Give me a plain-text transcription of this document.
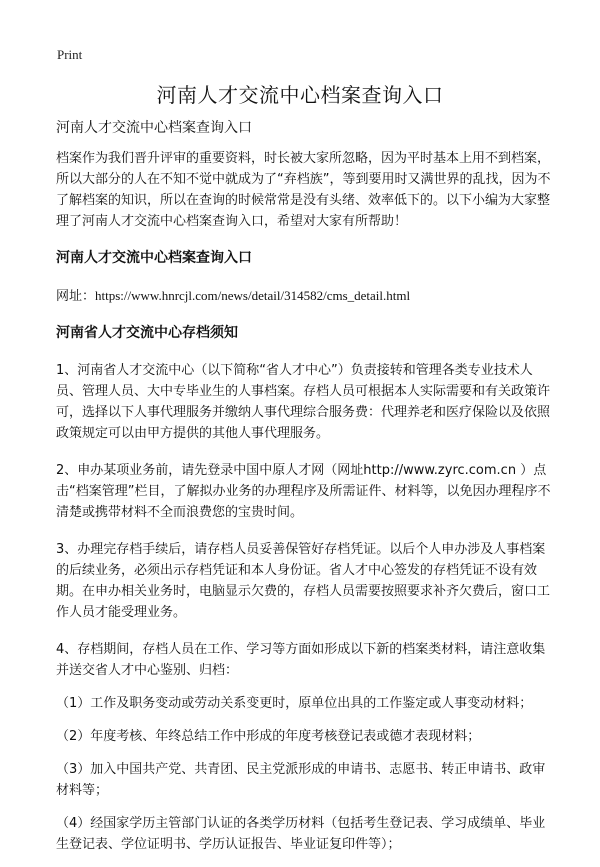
Print
河南人才交流中心档案查询入口

河南人才交流中心档案查询入口

档案作为我们晋升评审的重要资料，时长被大家所忽略，因为平时基本上用不到档案，所以大部分的人在不知不觉中就成为了“弃档族”，等到要用时又满世界的乱找，因为不了解档案的知识，所以在查询的时候常常是没有头绪、效率低下的。以下小编为大家整理了河南人才交流中心档案查询入口，希望对大家有所帮助！

河南人才交流中心档案查询入口

网址：https://www.hnrcjl.com/news/detail/314582/cms_detail.html

河南省人才交流中心存档须知

1、河南省人才交流中心（以下简称“省人才中心”）负责接转和管理各类专业技术人员、管理人员、大中专毕业生的人事档案。存档人员可根据本人实际需要和有关政策许可，选择以下人事代理服务并缴纳人事代理综合服务费：代理养老和医疗保险以及依照政策规定可以由甲方提供的其他人事代理服务。

2、申办某项业务前，请先登录中国中原人才网（网址http://www.zyrc.com.cn ）点击“档案管理”栏目，了解拟办业务的办理程序及所需证件、材料等，以免因办理程序不清楚或携带材料不全而浪费您的宝贵时间。

3、办理完存档手续后，请存档人员妥善保管好存档凭证。以后个人申办涉及人事档案的后续业务，必须出示存档凭证和本人身份证。省人才中心签发的存档凭证不设有效期。在申办相关业务时，电脑显示欠费的，存档人员需要按照要求补齐欠费后，窗口工作人员才能受理业务。

4、存档期间，存档人员在工作、学习等方面如形成以下新的档案类材料，请注意收集并送交省人才中心鉴别、归档：

（1）工作及职务变动或劳动关系变更时，原单位出具的工作鉴定或人事变动材料；

（2）年度考核、年终总结工作中形成的年度考核登记表或德才表现材料；

（3）加入中国共产党、共青团、民主党派形成的申请书、志愿书、转正申请书、政审材料等；

（4）经国家学历主管部门认证的各类学历材料（包括考生登记表、学习成绩单、毕业生登记表、学位证明书、学历认证报告、毕业证复印件等）；
